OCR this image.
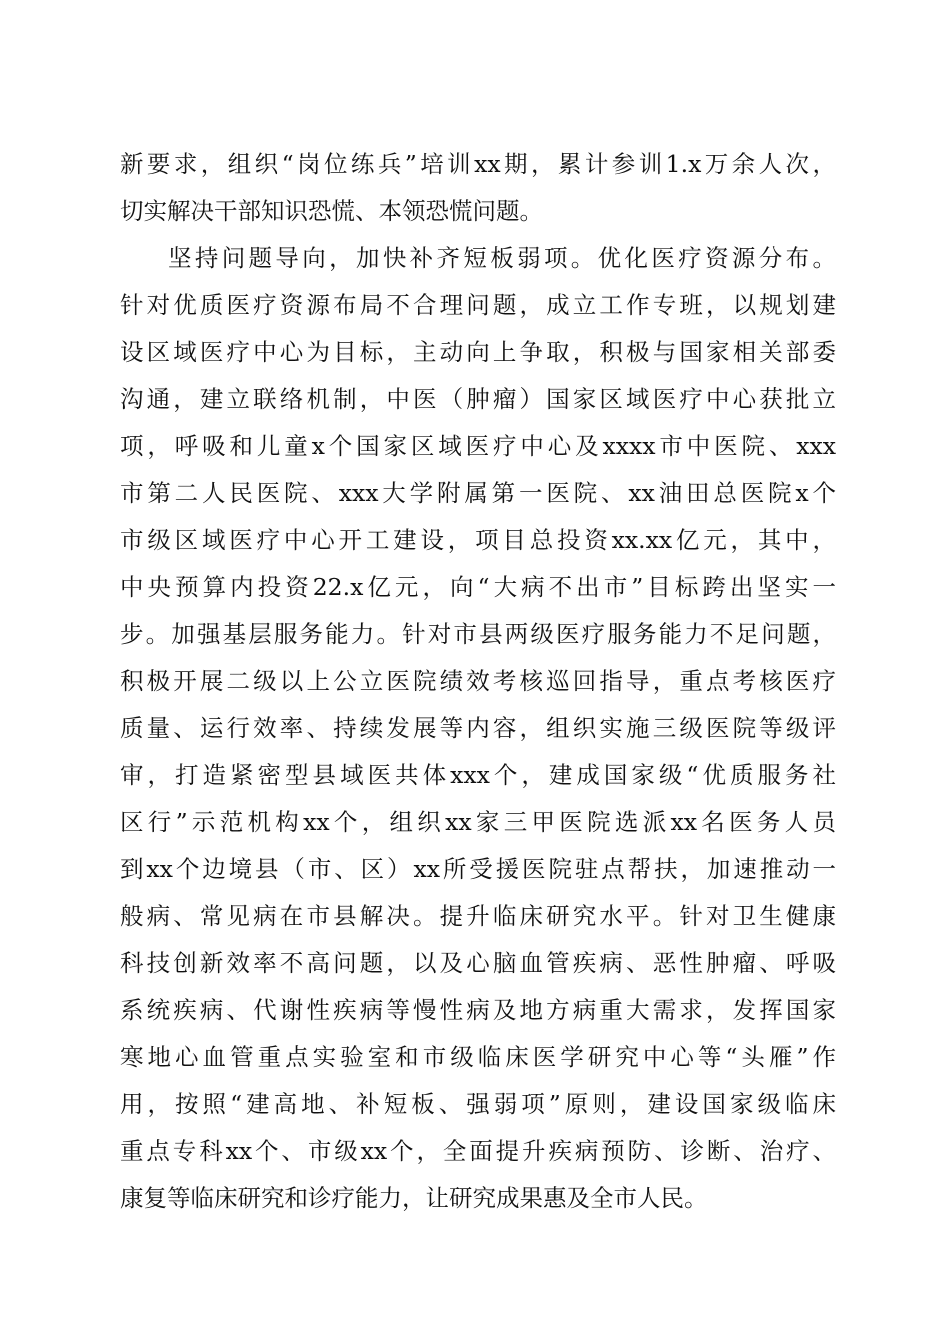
新要求，组织“岗位练兵”培训xx期，累计参训1.x万余人次，
切实解决干部知识恐慌、本领恐慌问题。
坚持问题导向，加快补齐短板弱项。优化医疗资源分布。
针对优质医疗资源布局不合理问题，成立工作专班，以规划建
设区域医疗中心为目标，主动向上争取，积极与国家相关部委
沟通，建立联络机制，中医（肿瘤）国家区域医疗中心获批立
项，呼吸和儿童x个国家区域医疗中心及xxxx市中医院、xxx
市第二人民医院、xxx大学附属第一医院、xx油田总医院x个
市级区域医疗中心开工建设，项目总投资xx.xx亿元，其中，
中央预算内投资22.x亿元，向“大病不出市”目标跨出坚实一
步。加强基层服务能力。针对市县两级医疗服务能力不足问题，
积极开展二级以上公立医院绩效考核巡回指导，重点考核医疗
质量、运行效率、持续发展等内容，组织实施三级医院等级评
审，打造紧密型县域医共体xxx个，建成国家级“优质服务社
区行”示范机构xx个，组织xx家三甲医院选派xx名医务人员
到xx个边境县（市、区）xx所受援医院驻点帮扶，加速推动一
般病、常见病在市县解决。提升临床研究水平。针对卫生健康
科技创新效率不高问题，以及心脑血管疾病、恶性肿瘤、呼吸
系统疾病、代谢性疾病等慢性病及地方病重大需求，发挥国家
寒地心血管重点实验室和市级临床医学研究中心等“头雁”作
用，按照“建高地、补短板、强弱项”原则，建设国家级临床
重点专科xx个、市级xx个，全面提升疾病预防、诊断、治疗、
康复等临床研究和诊疗能力，让研究成果惠及全市人民。
